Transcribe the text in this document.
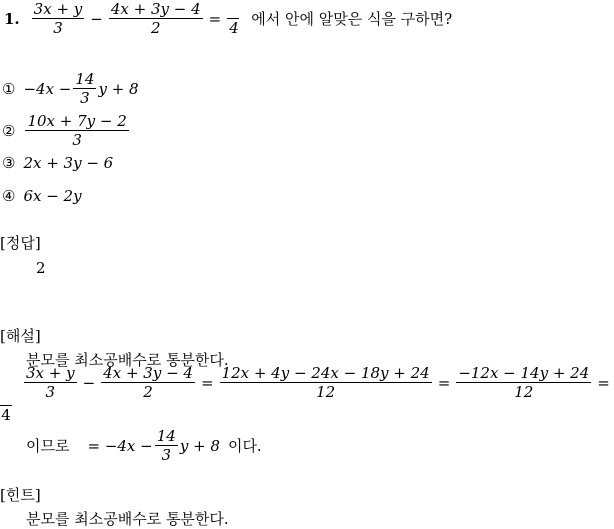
1. $\frac{3x + y}{3} - \frac{4x + 3y - 4}{2}$ =
4 에서 안에 알맞은 식을 구하면?
① $-4x - \frac{14}{3}$ y + 8
② $\frac{10x + 7y - 2}{3}$
③ 2x + 3y − 6
④ 6x − 2y
[정답]
2
[해설]
분모를 최소공배수로 통분한다.
$\frac{3x + y}{3} - \frac{4x + 3y - 4}{2} = \frac{12x + 4y - 24x - 18y + 24}{12} = \frac{-12x - 14y + 24}{12}$ =
4
이므로 = $-4x - \frac{14}{3}$ y + 8 이다.
[힌트]
분모를 최소공배수로 통분한다.
